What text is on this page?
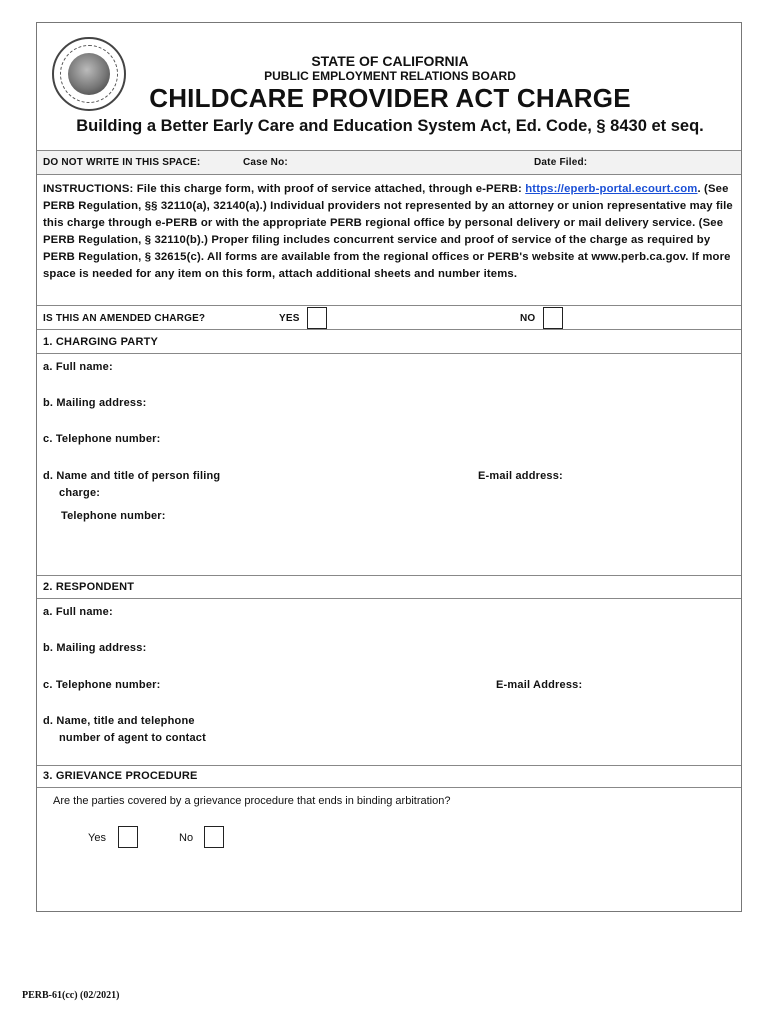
STATE OF CALIFORNIA
PUBLIC EMPLOYMENT RELATIONS BOARD
CHILDCARE PROVIDER ACT CHARGE
Building a Better Early Care and Education System Act, Ed. Code, § 8430 et seq.
DO NOT WRITE IN THIS SPACE:	Case No:	Date Filed:
INSTRUCTIONS: File this charge form, with proof of service attached, through e-PERB: https://eperb-portal.ecourt.com. (See PERB Regulation, §§ 32110(a), 32140(a).) Individual providers not represented by an attorney or union representative may file this charge through e-PERB or with the appropriate PERB regional office by personal delivery or mail delivery service. (See PERB Regulation, § 32110(b).) Proper filing includes concurrent service and proof of service of the charge as required by PERB Regulation, § 32615(c). All forms are available from the regional offices or PERB's website at www.perb.ca.gov. If more space is needed for any item on this form, attach additional sheets and number items.
IS THIS AN AMENDED CHARGE?	YES	NO
1. CHARGING PARTY
a. Full name:
b. Mailing address:
c. Telephone number:
d. Name and title of person filing
charge:
E-mail address:
Telephone number:
2. RESPONDENT
a. Full name:
b. Mailing address:
c. Telephone number:	E-mail Address:
d. Name, title and telephone
number of agent to contact
3. GRIEVANCE PROCEDURE
Are the parties covered by a grievance procedure that ends in binding arbitration?
Yes	No
PERB-61(cc) (02/2021)
